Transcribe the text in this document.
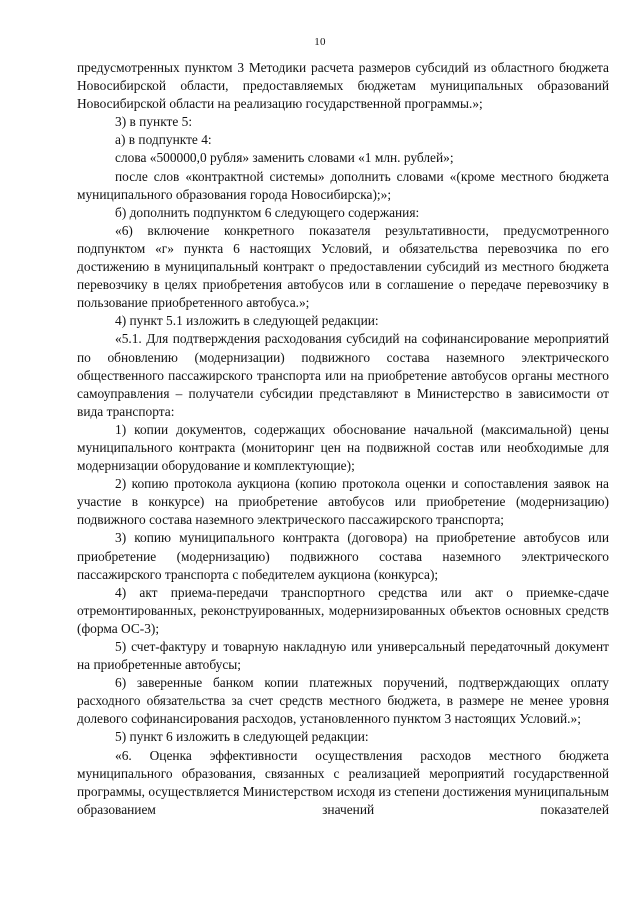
10

предусмотренных пунктом 3 Методики расчета размеров субсидий из областного бюджета Новосибирской области, предоставляемых бюджетам муниципальных образований Новосибирской области на реализацию государственной программы.»;

3) в пункте 5:

а) в подпункте 4:

слова «500000,0 рубля» заменить словами «1 млн. рублей»;

после слов «контрактной системы» дополнить словами «(кроме местного бюджета муниципального образования города Новосибирска);»;

б) дополнить подпунктом 6 следующего содержания:

«6) включение конкретного показателя результативности, предусмотренного подпунктом «г» пункта 6 настоящих Условий, и обязательства перевозчика по его достижению в муниципальный контракт о предоставлении субсидий из местного бюджета перевозчику в целях приобретения автобусов или в соглашение о передаче перевозчику в пользование приобретенного автобуса.»;

4) пункт 5.1 изложить в следующей редакции:

«5.1. Для подтверждения расходования субсидий на софинансирование мероприятий по обновлению (модернизации) подвижного состава наземного электрического общественного пассажирского транспорта или на приобретение автобусов органы местного самоуправления – получатели субсидии представляют в Министерство в зависимости от вида транспорта:

1) копии документов, содержащих обоснование начальной (максимальной) цены муниципального контракта (мониторинг цен на подвижной состав или необходимые для модернизации оборудование и комплектующие);

2) копию протокола аукциона (копию протокола оценки и сопоставления заявок на участие в конкурсе) на приобретение автобусов или приобретение (модернизацию) подвижного состава наземного электрического пассажирского транспорта;

3) копию муниципального контракта (договора) на приобретение автобусов или приобретение (модернизацию) подвижного состава наземного электрического пассажирского транспорта с победителем аукциона (конкурса);

4) акт приема-передачи транспортного средства или акт о приемке-сдаче отремонтированных, реконструированных, модернизированных объектов основных средств (форма ОС-3);

5) счет-фактуру и товарную накладную или универсальный передаточный документ на приобретенные автобусы;

6) заверенные банком копии платежных поручений, подтверждающих оплату расходного обязательства за счет средств местного бюджета, в размере не менее уровня долевого софинансирования расходов, установленного пунктом 3 настоящих Условий.»;

5) пункт 6 изложить в следующей редакции:

«6. Оценка эффективности осуществления расходов местного бюджета муниципального образования, связанных с реализацией мероприятий государственной программы, осуществляется Министерством исходя из степени достижения муниципальным образованием значений показателей
